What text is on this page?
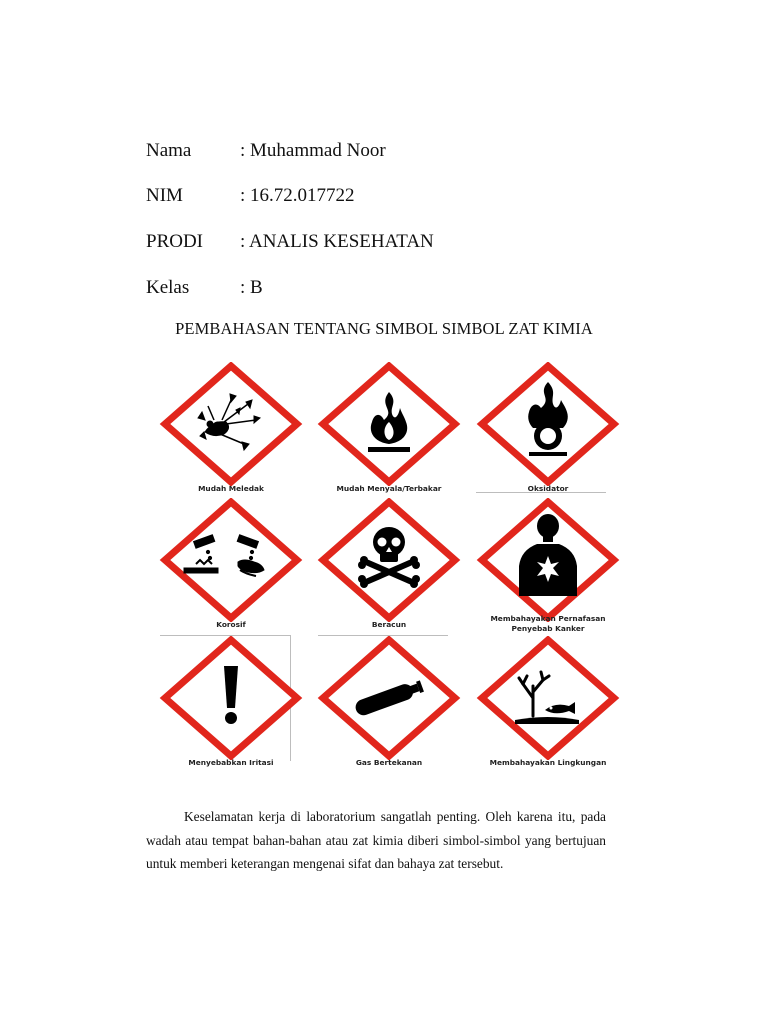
Nama	: Muhammad Noor
NIM	: 16.72.017722
PRODI : ANALIS KESEHATAN
Kelas	: B
PEMBAHASAN TENTANG SIMBOL SIMBOL ZAT KIMIA
Mudah Meledak	Mudah Menyala/Terbakar	Oksidator
Korosif	Beracun
Membahayakan Pernafasan Penyebab Kanker
Menyebabkan Iritasi	Gas Bertekanan	Membahayakan Lingkungan

Keselamatan kerja di laboratorium sangatlah penting. Oleh karena itu, pada wadah atau tempat bahan-bahan atau zat kimia diberi simbol-simbol yang bertujuan untuk memberi keterangan mengenai sifat dan bahaya zat tersebut.
